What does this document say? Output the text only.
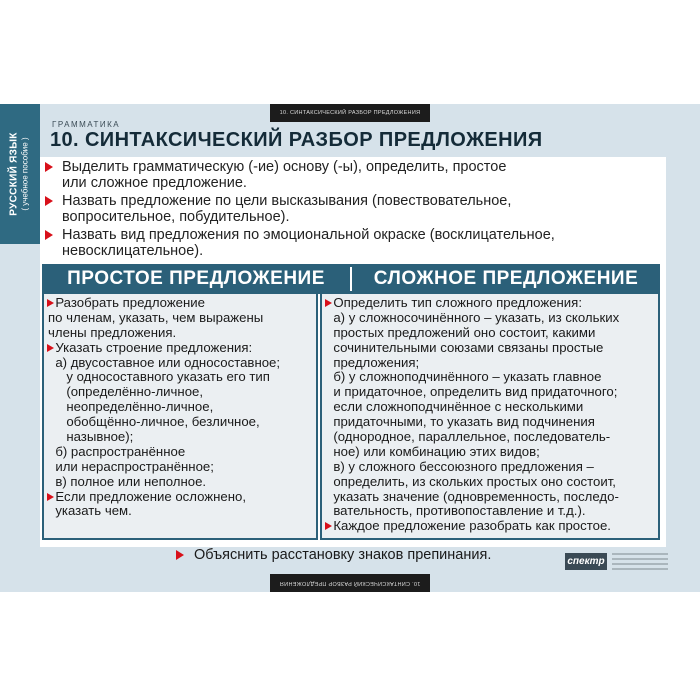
РУССКИЙ ЯЗЫК ( учебное пособие )
10. СИНТАКСИЧЕСКИЙ РАЗБОР ПРЕДЛОЖЕНИЯ
10. СИНТАКСИЧЕСКИЙ РАЗБОР ПРЕДЛОЖЕНИЯ
ГРАММАТИКА
10. СИНТАКСИЧЕСКИЙ РАЗБОР ПРЕДЛОЖЕНИЯ
Выделить грамматическую (-ие) основу (-ы), определить, простое
или сложное предложение.
Назвать предложение по цели высказывания (повествовательное,
вопросительное, побудительное).
Назвать вид предложения по эмоциональной окраске (восклицательное,
невосклицательное).
ПРОСТОЕ ПРЕДЛОЖЕНИЕ	СЛОЖНОЕ ПРЕДЛОЖЕНИЕ
Разобрать предложение
по членам, указать, чем выражены
члены предложения.
Указать строение предложения:
а) двусоставное или односоставное;
у односоставного указать его тип
(определённо-личное,
неопределённо-личное,
обобщённо-личное, безличное,
назывное);
б) распространённое
или нераспространённое;
в) полное или неполное.
Если предложение осложнено,
указать чем.
Определить тип сложного предложения:
а) у сложносочинённого – указать, из скольких
простых предложений оно состоит, какими
сочинительными союзами связаны простые
предложения;
б) у сложноподчинённого – указать главное
и придаточное, определить вид придаточного;
если сложноподчинённое с несколькими
придаточными, то указать вид подчинения
(однородное, параллельное, последователь-
ное) или комбинацию этих видов;
в) у сложного бессоюзного предложения –
определить, из скольких простых оно состоит,
указать значение (одновременность, последо-
вательность, противопоставление и т.д.).
Каждое предложение разобрать как простое.
Объяснить расстановку знаков препинания.	спектр
